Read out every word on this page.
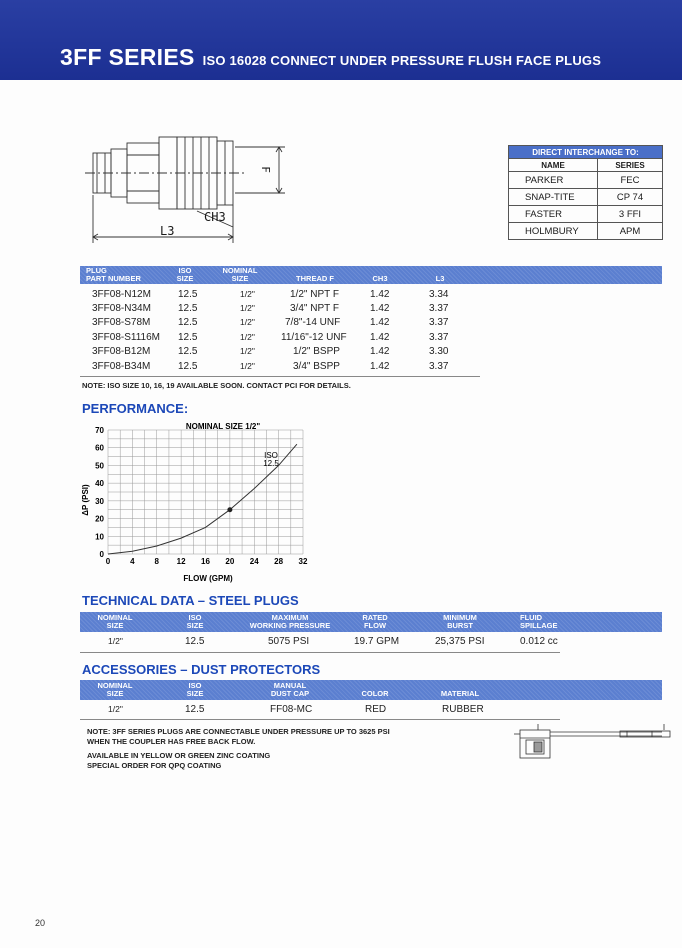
3FF SERIES ISO 16028 CONNECT UNDER PRESSURE FLUSH FACE PLUGS
CH3
L3
F
DIRECT INTERCHANGE TO:	
NAME	SERIES
PARKER	FEC
SNAP-TITE	CP 74
FASTER	3 FFI
HOLMBURY	APM
PLUG
PART NUMBER
ISO
SIZE
NOMINAL
SIZE	THREAD F	CH3	L3
3FF08-N12M	12.5	1/2"	1/2" NPT F	1.42	3.34
3FF08-N34M	12.5	1/2"	3/4" NPT F	1.42	3.37
3FF08-S78M	12.5	1/2"	7/8"-14 UNF	1.42	3.37
3FF08-S1116M 12.5	1/2"	11/16"-12 UNF 1.42	3.37
3FF08-B12M	12.5	1/2"	1/2" BSPP	1.42	3.30
3FF08-B34M	12.5	1/2"	3/4" BSPP	1.42	3.37
NOTE: ISO SIZE 10, 16, 19 AVAILABLE SOON. CONTACT PCI FOR DETAILS.
PERFORMANCE:
0 4 8 12 16 20 24 28 32
0
10
20
30
40
50
60
70	NOMINAL SIZE 1/2"
ISO
12.5
ΔP (PSI)
FLOW (GPM)
TECHNICAL DATA – STEEL PLUGS
NOMINAL
SIZE
ISO
SIZE
MAXIMUM
WORKING PRESSURE
RATED
FLOW
MINIMUM
BURST
FLUID
SPILLAGE
1/2"	12.5	5075 PSI	19.7 GPM	25,375 PSI	0.012 cc
ACCESSORIES – DUST PROTECTORS
NOMINAL
SIZE
ISO
SIZE
MANUAL
DUST CAP	COLOR	MATERIAL
1/2"	12.5	FF08-MC	RED	RUBBER
NOTE: 3FF SERIES PLUGS ARE CONNECTABLE UNDER PRESSURE UP TO 3625 PSI
WHEN THE COUPLER HAS FREE BACK FLOW.
AVAILABLE IN YELLOW OR GREEN ZINC COATING
SPECIAL ORDER FOR QPQ COATING
20
